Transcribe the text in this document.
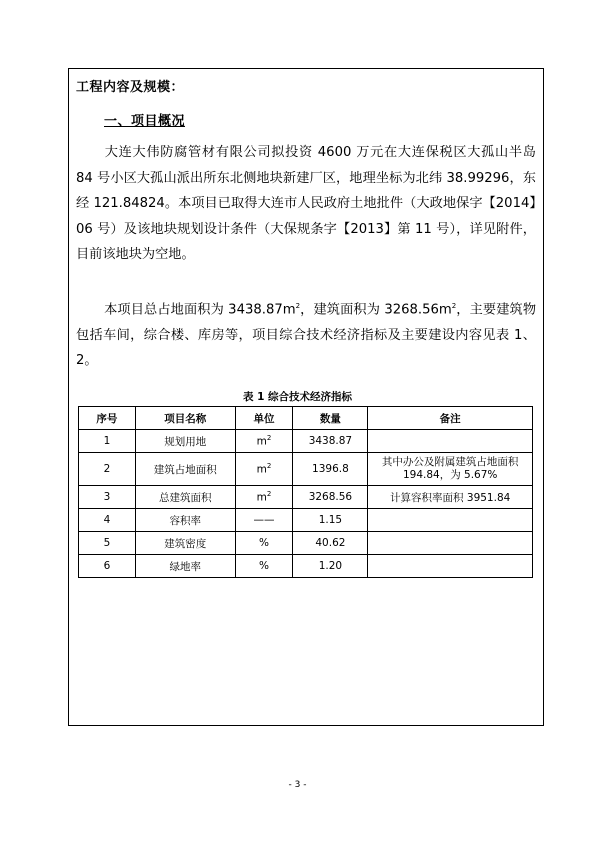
工程内容及规模：
一、项目概况

大连大伟防腐管材有限公司拟投资 4600 万元在大连保税区大孤山半岛 84 号小区大孤山派出所东北侧地块新建厂区，地理坐标为北纬 38.99296，东经 121.84824。本项目已取得大连市人民政府土地批件（大政地保字【2014】06 号）及该地块规划设计条件（大保规条字【2013】第 11 号），详见附件，目前该地块为空地。

本项目总占地面积为 $3438.87m^2$，建筑面积为 $3268.56m^2$，主要建筑物包括车间，综合楼、库房等，项目综合技术经济指标及主要建设内容见表 1、2。

表 1 综合技术经济指标
序号	项目名称	单位	数量	备注
1	规划用地	$m^2$	3438.87	
2	建筑占地面积	$m^2$	1396.8	其中办公及附属建筑占地面积
194.84，为 5.67%

3	总建筑面积	$m^2$	3268.56	计算容积率面积 3951.84
4	容积率	——	1.15	
5	建筑密度	%	40.62	
6	绿地率	%	1.20	
- 3 -
